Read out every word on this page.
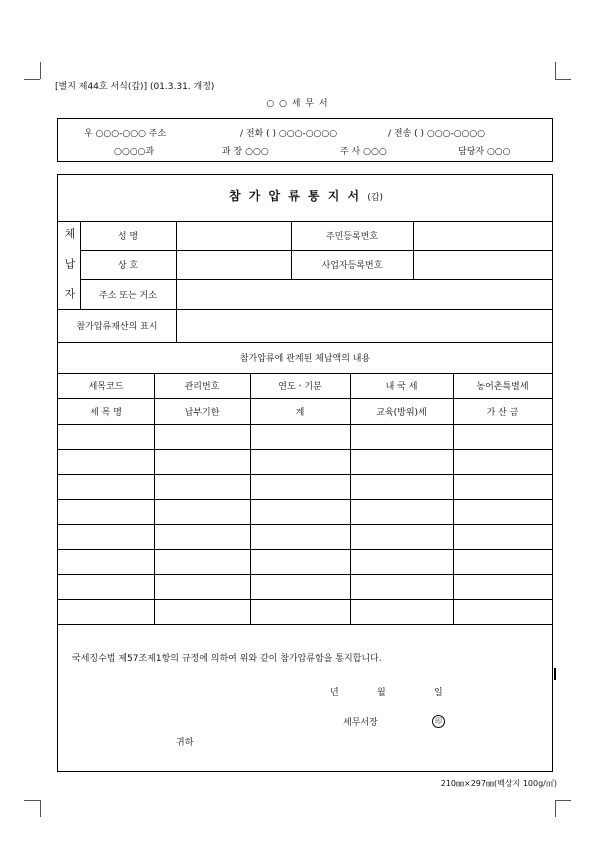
[별지 제44호 서식(갑)] (01.3.31. 개정)
○ ○ 세 무 서
우 ○○○-○○○ 주소	/ 전화 ( ) ○○○-○○○○	/ 전송 ( ) ○○○-○○○○
○○○○과	과 장 ○○○	주 사 ○○○	담당자 ○○○
참 가 압 류 통 지 서 (갑)
체 납 자	성 명	주민등록번호
상 호	사업자등록번호
주소 또는 거소
참가압류재산의 표시
참가압류에 관계된 체납액의 내용
세목코드	관리번호	연도ㆍ기분	내 국 세	농어촌특별세
세 목 명	납부기한	계	교육(방위)세	가 산 금
국세징수법 제57조제1항의 규정에 의하여 위와 같이 참가압류함을 통지합니다.
년	월	일
세무서장	印
귀하
210㎜×297㎜(백상지 100g/㎡)
